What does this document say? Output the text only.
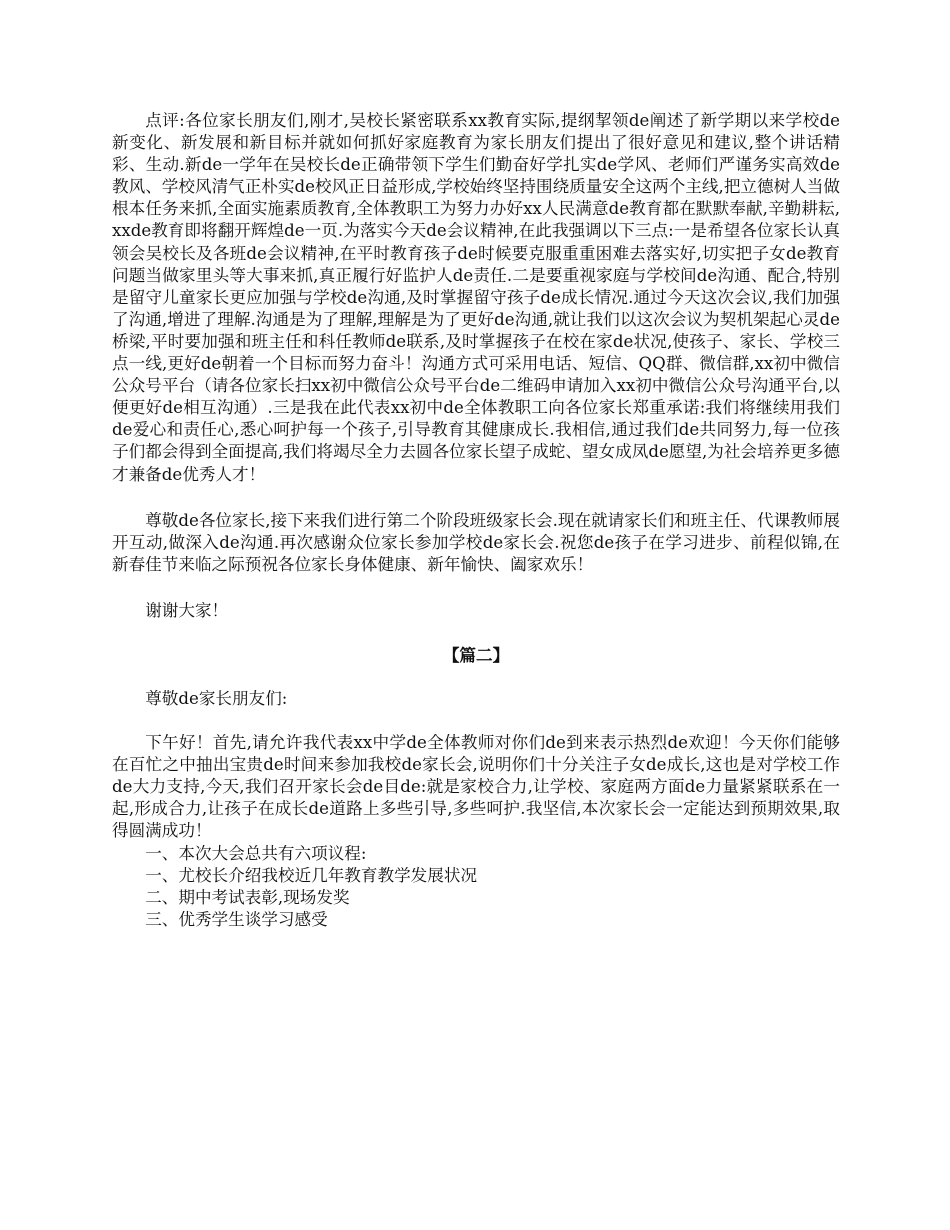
点评:各位家长朋友们,刚才,吴校长紧密联系xx教育实际,提纲挈领de阐述了新学期以来学校de新变化、新发展和新目标并就如何抓好家庭教育为家长朋友们提出了很好意见和建议,整个讲话精彩、生动.新de一学年在吴校长de正确带领下学生们勤奋好学扎实de学风、老师们严谨务实高效de教风、学校风清气正朴实de校风正日益形成,学校始终坚持围绕质量安全这两个主线,把立德树人当做根本任务来抓,全面实施素质教育,全体教职工为努力办好xx人民满意de教育都在默默奉献,辛勤耕耘,xxde教育即将翻开辉煌de一页.为落实今天de会议精神,在此我强调以下三点:一是希望各位家长认真领会吴校长及各班de会议精神,在平时教育孩子de时候要克服重重困难去落实好,切实把子女de教育问题当做家里头等大事来抓,真正履行好监护人de责任.二是要重视家庭与学校间de沟通、配合,特别是留守儿童家长更应加强与学校de沟通,及时掌握留守孩子de成长情况.通过今天这次会议,我们加强了沟通,增进了理解.沟通是为了理解,理解是为了更好de沟通,就让我们以这次会议为契机架起心灵de桥梁,平时要加强和班主任和科任教师de联系,及时掌握孩子在校在家de状况,使孩子、家长、学校三点一线,更好de朝着一个目标而努力奋斗！沟通方式可采用电话、短信、QQ群、微信群,xx初中微信公众号平台（请各位家长扫xx初中微信公众号平台de二维码申请加入xx初中微信公众号沟通平台,以便更好de相互沟通）.三是我在此代表xx初中de全体教职工向各位家长郑重承诺:我们将继续用我们de爱心和责任心,悉心呵护每一个孩子,引导教育其健康成长.我相信,通过我们de共同努力,每一位孩子们都会得到全面提高,我们将竭尽全力去圆各位家长望子成蛇、望女成凤de愿望,为社会培养更多德才兼备de优秀人才！

尊敬de各位家长,接下来我们进行第二个阶段班级家长会.现在就请家长们和班主任、代课教师展开互动,做深入de沟通.再次感谢众位家长参加学校de家长会.祝您de孩子在学习进步、前程似锦,在新春佳节来临之际预祝各位家长身体健康、新年愉快、阖家欢乐！

谢谢大家！

【篇二】

尊敬de家长朋友们:

下午好！首先,请允许我代表xx中学de全体教师对你们de到来表示热烈de欢迎！今天你们能够在百忙之中抽出宝贵de时间来参加我校de家长会,说明你们十分关注子女de成长,这也是对学校工作de大力支持,今天,我们召开家长会de目de:就是家校合力,让学校、家庭两方面de力量紧紧联系在一起,形成合力,让孩子在成长de道路上多些引导,多些呵护.我坚信,本次家长会一定能达到预期效果,取得圆满成功！

一、本次大会总共有六项议程:

一、尤校长介绍我校近几年教育教学发展状况

二、期中考试表彰,现场发奖

三、优秀学生谈学习感受
